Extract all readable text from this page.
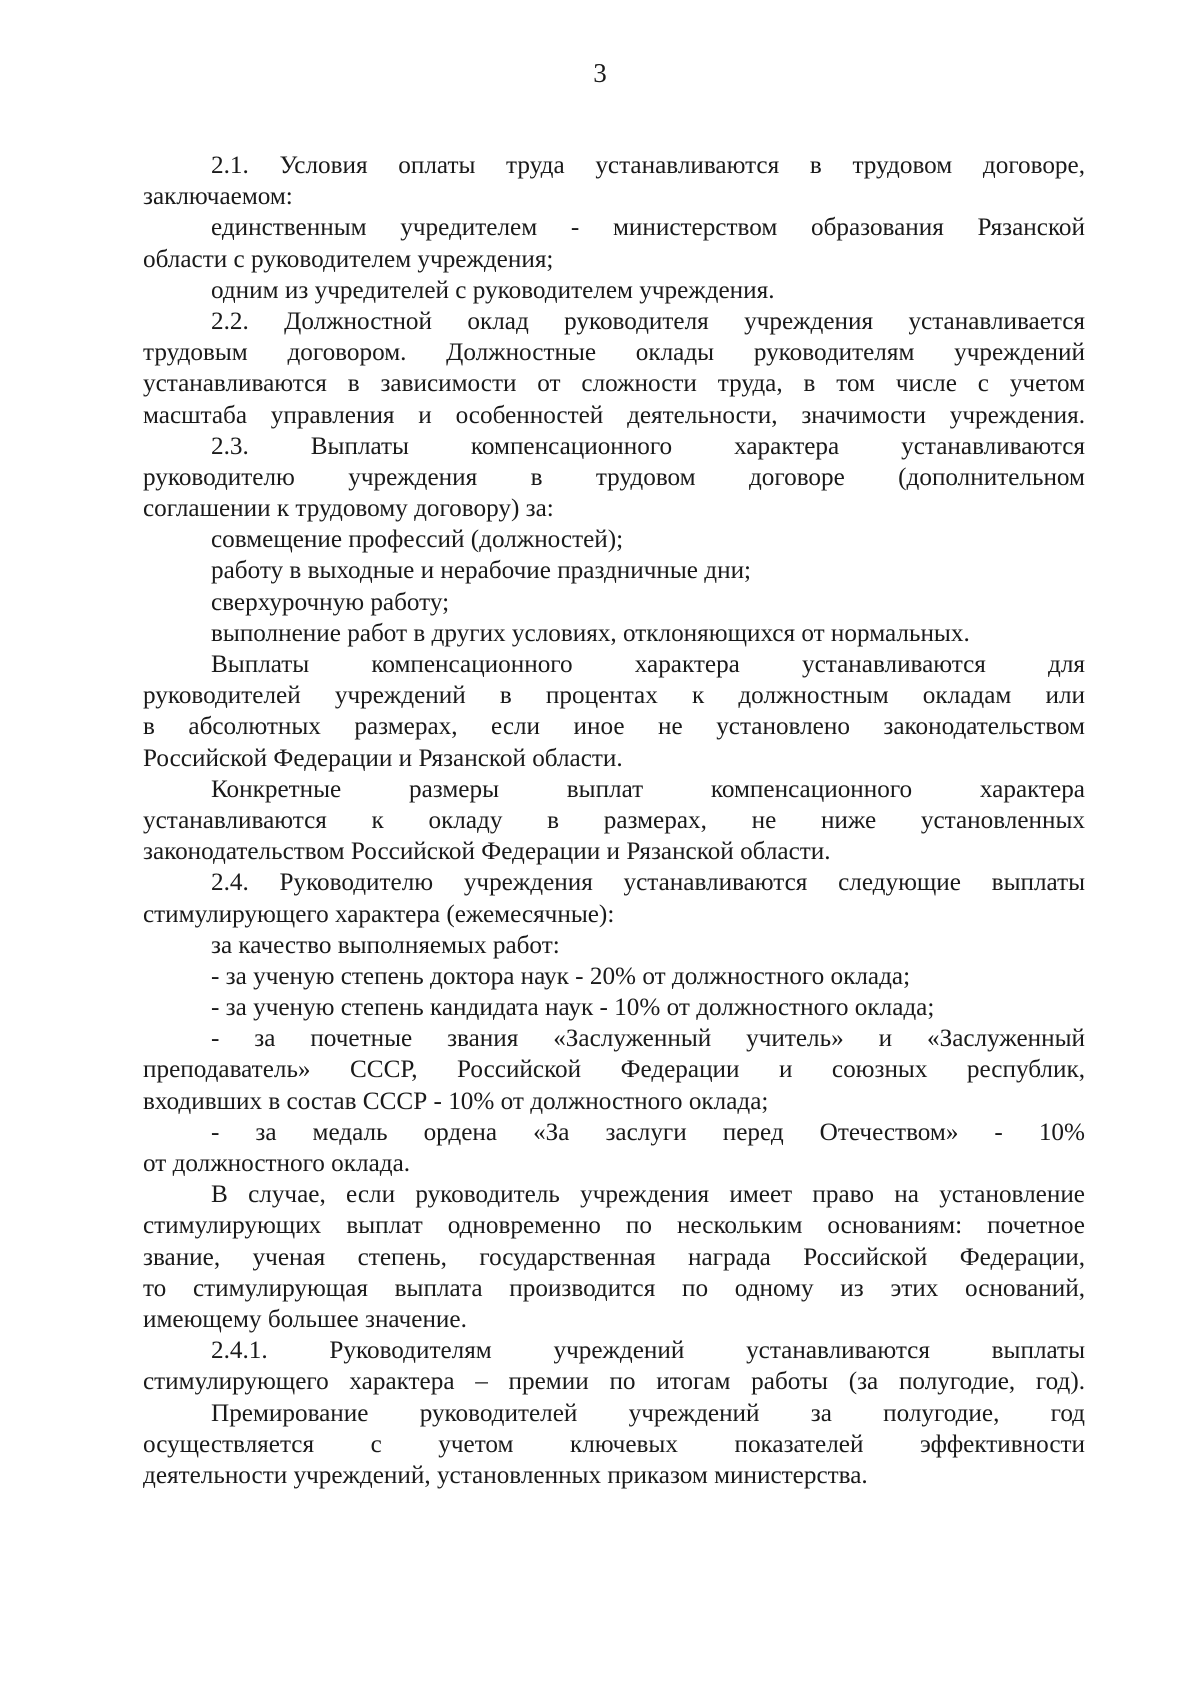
3
2.1. Условия оплаты труда устанавливаются в трудовом договоре,
заключаемом:
единственным учредителем - министерством образования Рязанской
области с руководителем учреждения;
одним из учредителей с руководителем учреждения.
2.2. Должностной оклад руководителя учреждения устанавливается
трудовым договором. Должностные оклады руководителям учреждений
устанавливаются в зависимости от сложности труда, в том числе с учетом
масштаба управления и особенностей деятельности, значимости учреждения.
2.3. Выплаты компенсационного характера устанавливаются
руководителю учреждения в трудовом договоре (дополнительном
соглашении к трудовому договору) за:
совмещение профессий (должностей);
работу в выходные и нерабочие праздничные дни;
сверхурочную работу;
выполнение работ в других условиях, отклоняющихся от нормальных.
Выплаты компенсационного характера устанавливаются для
руководителей учреждений в процентах к должностным окладам или
в абсолютных размерах, если иное не установлено законодательством
Российской Федерации и Рязанской области.
Конкретные размеры выплат компенсационного характера
устанавливаются к окладу в размерах, не ниже установленных
законодательством Российской Федерации и Рязанской области.
2.4. Руководителю учреждения устанавливаются следующие выплаты
стимулирующего характера (ежемесячные):
за качество выполняемых работ:
- за ученую степень доктора наук - 20% от должностного оклада;
- за ученую степень кандидата наук - 10% от должностного оклада;
- за почетные звания «Заслуженный учитель» и «Заслуженный
преподаватель» СССР, Российской Федерации и союзных республик,
входивших в состав СССР - 10% от должностного оклада;
- за медаль ордена «За заслуги перед Отечеством» - 10%
от должностного оклада.
В случае, если руководитель учреждения имеет право на установление
стимулирующих выплат одновременно по нескольким основаниям: почетное
звание, ученая степень, государственная награда Российской Федерации,
то стимулирующая выплата производится по одному из этих оснований,
имеющему большее значение.
2.4.1. Руководителям учреждений устанавливаются выплаты
стимулирующего характера – премии по итогам работы (за полугодие, год).
Премирование руководителей учреждений за полугодие, год
осуществляется с учетом ключевых показателей эффективности
деятельности учреждений, установленных приказом министерства.
